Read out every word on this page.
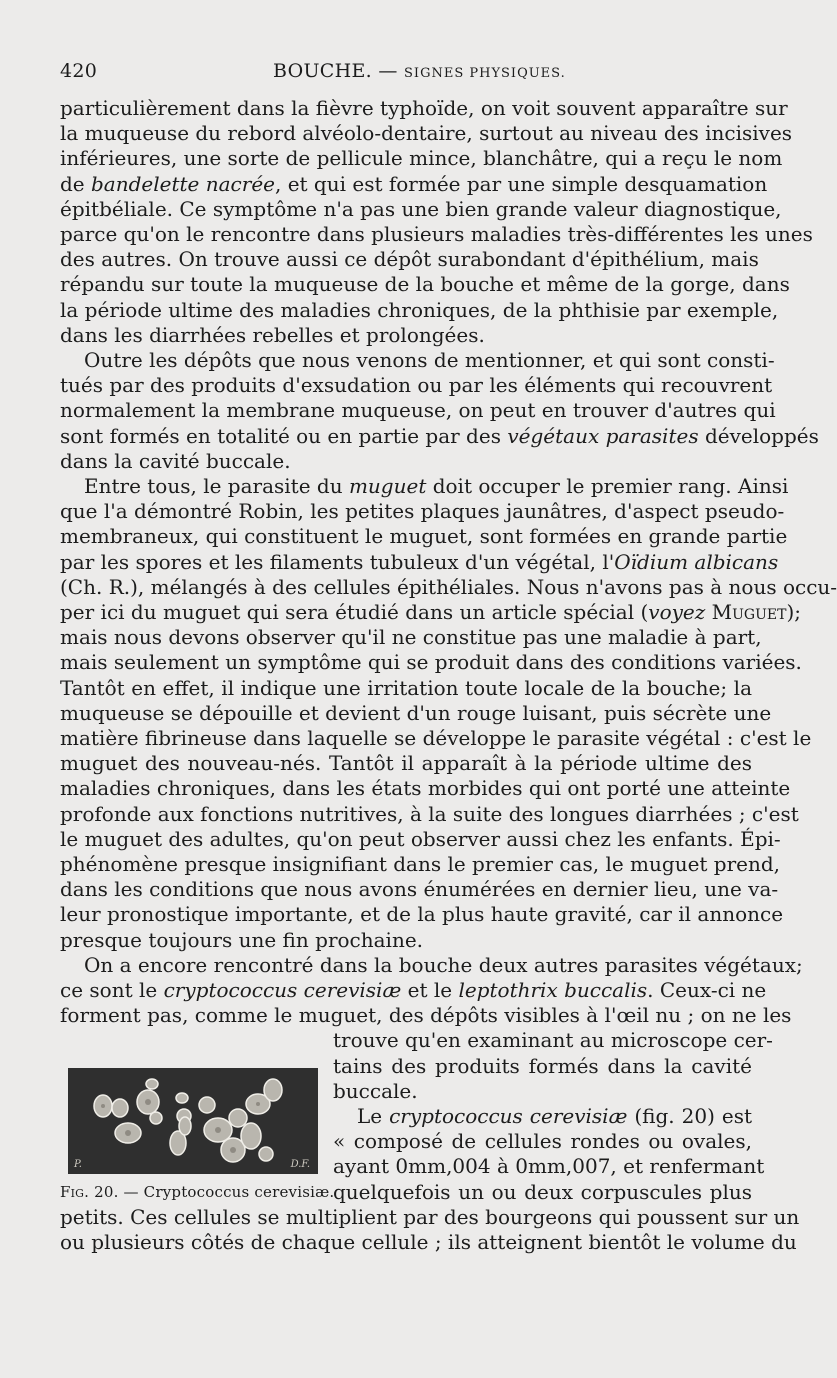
420	BOUCHE. — SIGNES PHYSIQUES.
particulièrement dans la fièvre typhoïde, on voit souvent apparaître sur
la muqueuse du rebord alvéolo-dentaire, surtout au niveau des incisives
inférieures, une sorte de pellicule mince, blanchâtre, qui a reçu le nom
de bandelette nacrée, et qui est formée par une simple desquamation
épitbéliale. Ce symptôme n'a pas une bien grande valeur diagnostique,
parce qu'on le rencontre dans plusieurs maladies très-différentes les unes
des autres. On trouve aussi ce dépôt surabondant d'épithélium, mais
répandu sur toute la muqueuse de la bouche et même de la gorge, dans
la période ultime des maladies chroniques, de la phthisie par exemple,
dans les diarrhées rebelles et prolongées.
Outre les dépôts que nous venons de mentionner, et qui sont consti-
tués par des produits d'exsudation ou par les éléments qui recouvrent
normalement la membrane muqueuse, on peut en trouver d'autres qui
sont formés en totalité ou en partie par des végétaux parasites développés
dans la cavité buccale.
Entre tous, le parasite du muguet doit occuper le premier rang. Ainsi
que l'a démontré Robin, les petites plaques jaunâtres, d'aspect pseudo-
membraneux, qui constituent le muguet, sont formées en grande partie
par les spores et les filaments tubuleux d'un végétal, l'Oïdium albicans
(Ch. R.), mélangés à des cellules épithéliales. Nous n'avons pas à nous occu-
per ici du muguet qui sera étudié dans un article spécial (voyez Muguet);
mais nous devons observer qu'il ne constitue pas une maladie à part,
mais seulement un symptôme qui se produit dans des conditions variées.
Tantôt en effet, il indique une irritation toute locale de la bouche; la
muqueuse se dépouille et devient d'un rouge luisant, puis sécrète une
matière fibrineuse dans laquelle se développe le parasite végétal : c'est le
muguet des nouveau-nés. Tantôt il apparaît à la période ultime des
maladies chroniques, dans les états morbides qui ont porté une atteinte
profonde aux fonctions nutritives, à la suite des longues diarrhées ; c'est
le muguet des adultes, qu'on peut observer aussi chez les enfants. Épi-
phénomène presque insignifiant dans le premier cas, le muguet prend,
dans les conditions que nous avons énumérées en dernier lieu, une va-
leur pronostique importante, et de la plus haute gravité, car il annonce
presque toujours une fin prochaine.
On a encore rencontré dans la bouche deux autres parasites végétaux;
ce sont le cryptococcus cerevisiæ et le leptothrix buccalis. Ceux-ci ne
forment pas, comme le muguet, des dépôts visibles à l'œil nu ; on ne les
trouve qu'en examinant au microscope cer-
tains des produits formés dans la cavité
buccale.
Le cryptococcus cerevisiæ (fig. 20) est
« composé de cellules rondes ou ovales,
ayant 0mm,004 à 0mm,007, et renfermant
quelquefois un ou deux corpuscules plus
petits. Ces cellules se multiplient par des bourgeons qui poussent sur un
ou plusieurs côtés de chaque cellule ; ils atteignent bientôt le volume du
P.	D.F.
Fig. 20. — Cryptococcus cerevisiæ.
